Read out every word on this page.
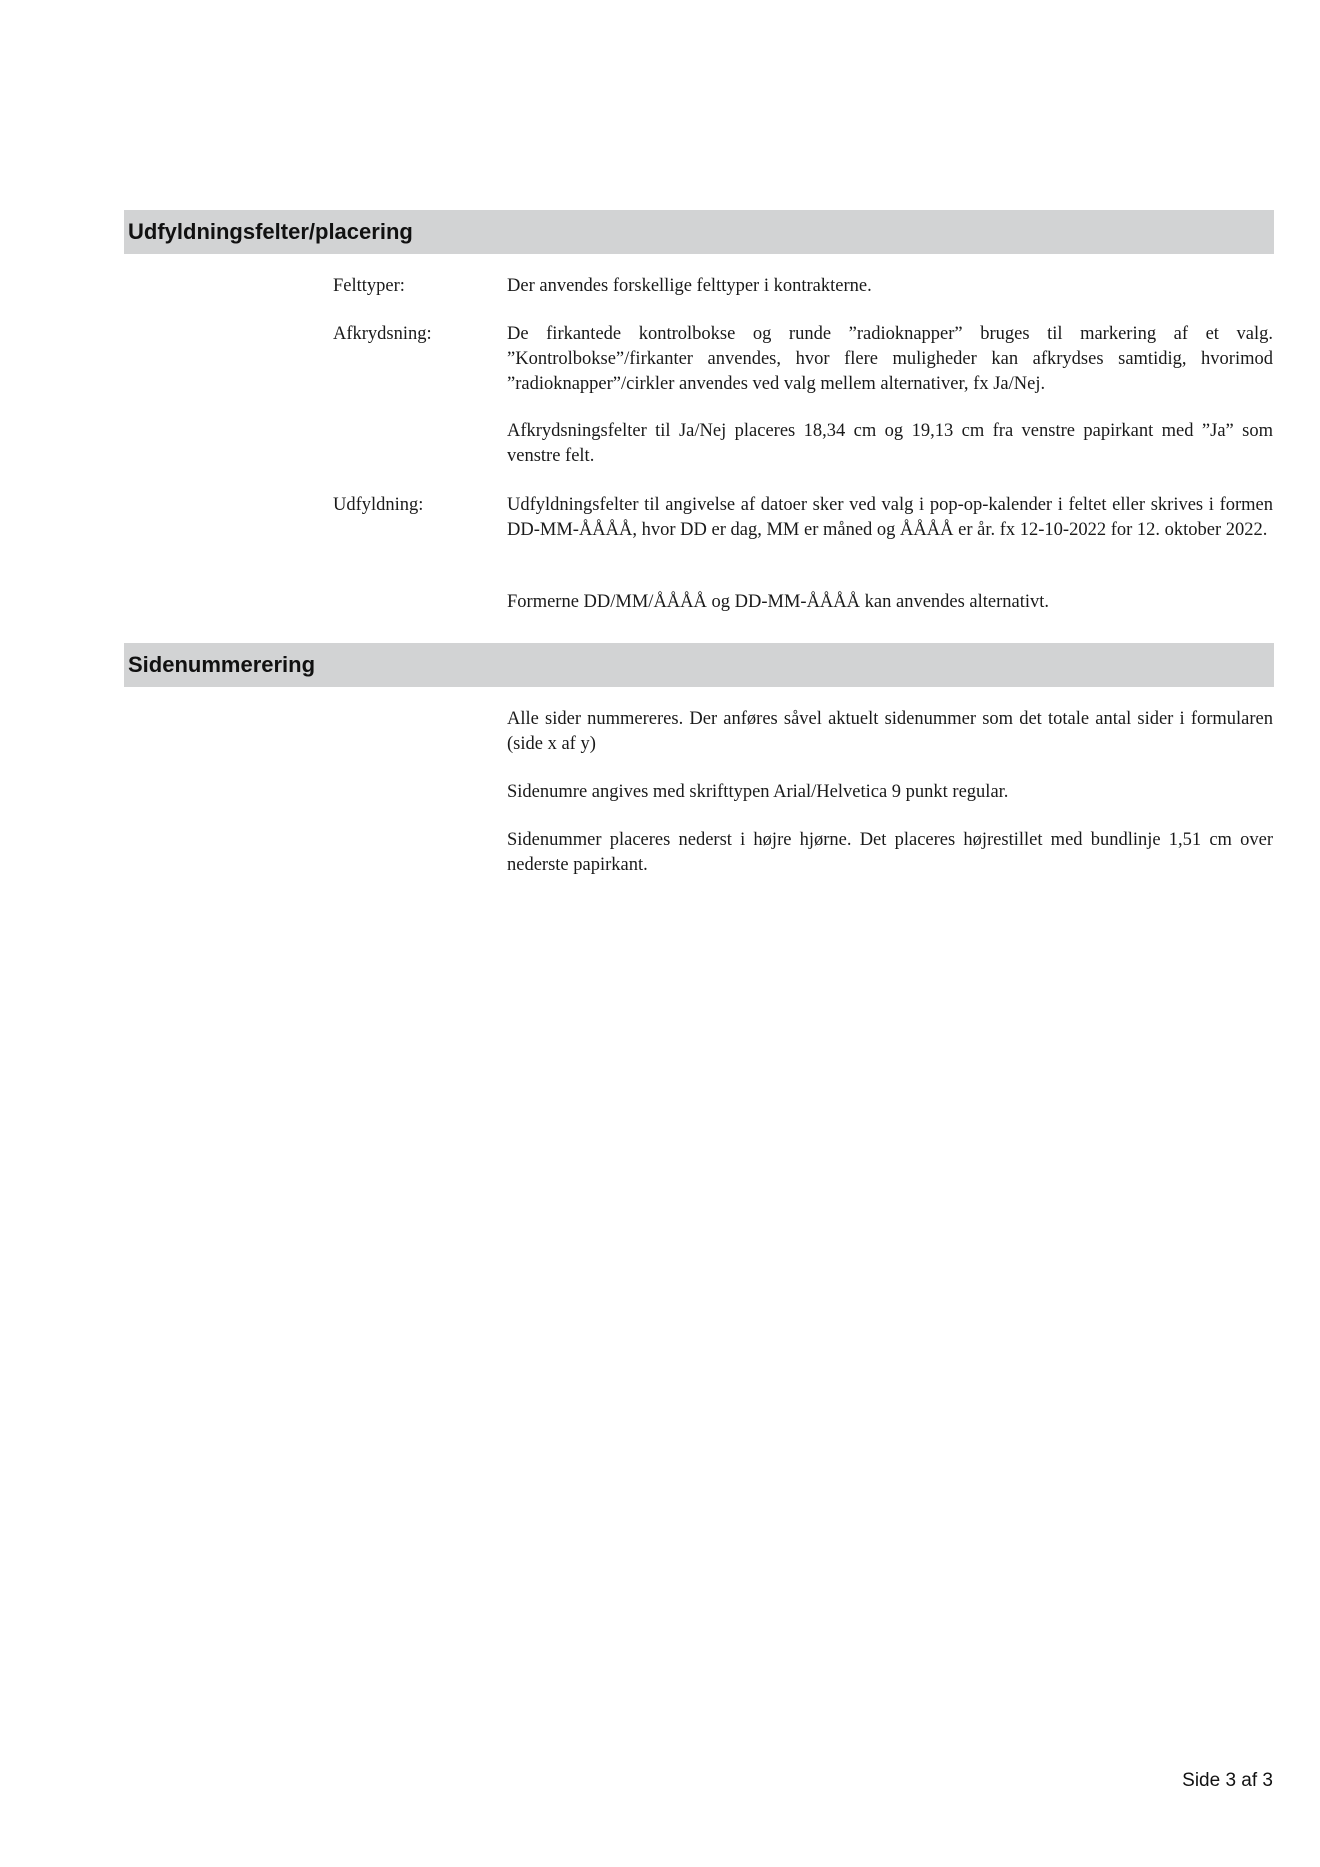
Udfyldningsfelter/placering
Felttyper:	Der anvendes forskellige felttyper i kontrakterne.

Afkrydsning:	De firkantede kontrolbokse og runde ”radioknapper” bruges til markering af et valg. ”Kontrolbokse”/firkanter anvendes, hvor flere muligheder kan afkrydses samtidig, hvorimod ”radioknapper”/cirkler anvendes ved valg mellem alternativer, fx Ja/Nej.

Afkrydsningsfelter til Ja/Nej placeres 18,34 cm og 19,13 cm fra venstre papirkant med ”Ja” som venstre felt.

Udfyldning:	Udfyldningsfelter til angivelse af datoer sker ved valg i pop-op-kalender i feltet eller skrives i formen DD-MM-ÅÅÅÅ, hvor DD er dag, MM er måned og ÅÅÅÅ er år. fx 12-10-2022 for 12. oktober 2022.

Formerne DD/MM/ÅÅÅÅ og DD-MM-ÅÅÅÅ kan anvendes alternativt.

Sidenummerering

Alle sider nummereres. Der anføres såvel aktuelt sidenummer som det totale antal sider i formularen (side x af y)

Sidenumre angives med skrifttypen Arial/Helvetica 9 punkt regular.

Sidenummer placeres nederst i højre hjørne. Det placeres højrestillet med bundlinje 1,51 cm over nederste papirkant.

Side 3 af 3
